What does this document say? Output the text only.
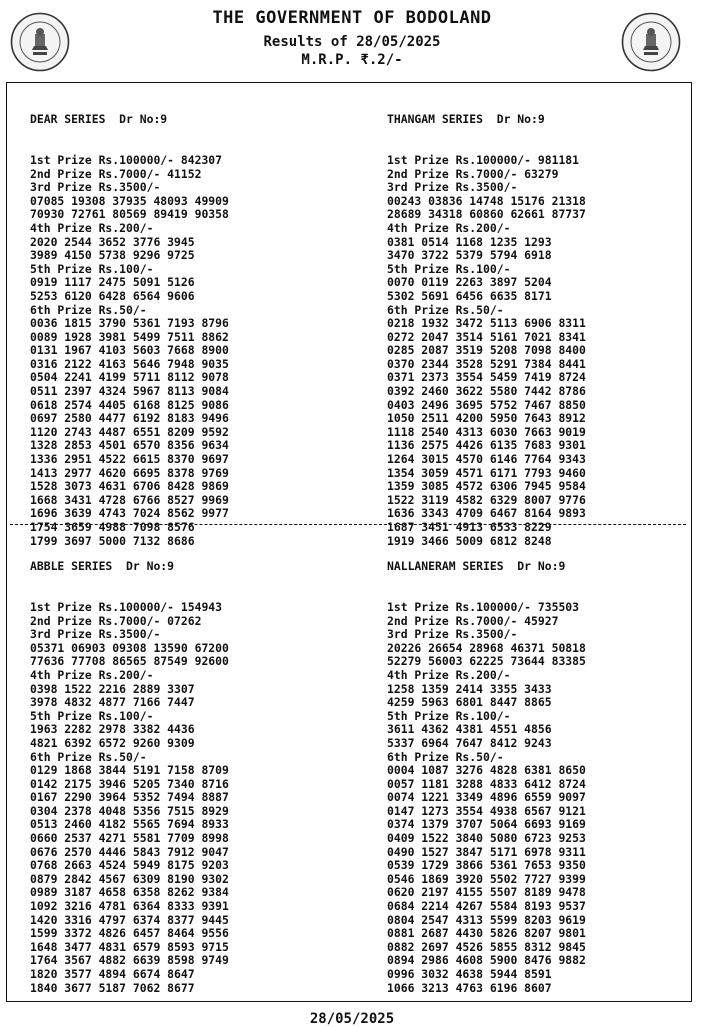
THE GOVERNMENT OF BODOLAND
Results of 28/05/2025
M.R.P. ₹.2/-

DEAR SERIES  Dr No:9

1st Prize Rs.100000/- 842307
2nd Prize Rs.7000/- 41152
3rd Prize Rs.3500/-
07085 19308 37935 48093 49909
70930 72761 80569 89419 90358
4th Prize Rs.200/-
2020 2544 3652 3776 3945
3989 4150 5738 9296 9725
5th Prize Rs.100/-
0919 1117 2475 5091 5126
5253 6120 6428 6564 9606
6th Prize Rs.50/-
0036 1815 3790 5361 7193 8796
0089 1928 3981 5499 7511 8862
0131 1967 4103 5603 7668 8900
0316 2122 4163 5646 7948 9035
0504 2241 4199 5711 8112 9078
0511 2397 4324 5967 8113 9084
0618 2574 4405 6168 8125 9086
0697 2580 4477 6192 8183 9496
1120 2743 4487 6551 8209 9592
1328 2853 4501 6570 8356 9634
1336 2951 4522 6615 8370 9697
1413 2977 4620 6695 8378 9769
1528 3073 4631 6706 8428 9869
1668 3431 4728 6766 8527 9969
1696 3639 4743 7024 8562 9977
1754 3659 4988 7098 8576
1799 3697 5000 7132 8686

THANGAM SERIES  Dr No:9

1st Prize Rs.100000/- 981181
2nd Prize Rs.7000/- 63279
3rd Prize Rs.3500/-
00243 03836 14748 15176 21318
28689 34318 60860 62661 87737
4th Prize Rs.200/-
0381 0514 1168 1235 1293
3470 3722 5379 5794 6918
5th Prize Rs.100/-
0070 0119 2263 3897 5204
5302 5691 6456 6635 8171
6th Prize Rs.50/-
0218 1932 3472 5113 6906 8311
0272 2047 3514 5161 7021 8341
0285 2087 3519 5208 7098 8400
0370 2344 3528 5291 7384 8441
0371 2373 3554 5459 7419 8724
0392 2460 3622 5580 7442 8786
0403 2496 3695 5752 7467 8850
1050 2511 4200 5950 7643 8912
1118 2540 4313 6030 7663 9019
1136 2575 4426 6135 7683 9301
1264 3015 4570 6146 7764 9343
1354 3059 4571 6171 7793 9460
1359 3085 4572 6306 7945 9584
1522 3119 4582 6329 8007 9776
1636 3343 4709 6467 8164 9893
1687 3451 4913 6533 8229
1919 3466 5009 6812 8248

ABBLE SERIES  Dr No:9

1st Prize Rs.100000/- 154943
2nd Prize Rs.7000/- 07262
3rd Prize Rs.3500/-
05371 06903 09308 13590 67200
77636 77708 86565 87549 92600
4th Prize Rs.200/-
0398 1522 2216 2889 3307
3978 4832 4877 7166 7447
5th Prize Rs.100/-
1963 2282 2978 3382 4436
4821 6392 6572 9260 9309
6th Prize Rs.50/-
0129 1868 3844 5191 7158 8709
0142 2175 3946 5205 7340 8716
0167 2290 3964 5352 7494 8887
0304 2378 4048 5356 7515 8929
0513 2460 4182 5565 7694 8933
0660 2537 4271 5581 7709 8998
0676 2570 4446 5843 7912 9047
0768 2663 4524 5949 8175 9203
0879 2842 4567 6309 8190 9302
0989 3187 4658 6358 8262 9384
1092 3216 4781 6364 8333 9391
1420 3316 4797 6374 8377 9445
1599 3372 4826 6457 8464 9556
1648 3477 4831 6579 8593 9715
1764 3567 4882 6639 8598 9749
1820 3577 4894 6674 8647
1840 3677 5187 7062 8677

NALLANERAM SERIES  Dr No:9

1st Prize Rs.100000/- 735503
2nd Prize Rs.7000/- 45927
3rd Prize Rs.3500/-
20226 26654 28968 46371 50818
52279 56003 62225 73644 83385
4th Prize Rs.200/-
1258 1359 2414 3355 3433
4259 5963 6801 8447 8865
5th Prize Rs.100/-
3611 4362 4381 4551 4856
5337 6964 7647 8412 9243
6th Prize Rs.50/-
0004 1087 3276 4828 6381 8650
0057 1181 3288 4833 6412 8724
0074 1221 3349 4896 6559 9097
0147 1273 3554 4938 6567 9121
0374 1379 3707 5064 6693 9169
0409 1522 3840 5080 6723 9253
0490 1527 3847 5171 6978 9311
0539 1729 3866 5361 7653 9350
0546 1869 3920 5502 7727 9399
0620 2197 4155 5507 8189 9478
0684 2214 4267 5584 8193 9537
0804 2547 4313 5599 8203 9619
0881 2687 4430 5826 8207 9801
0882 2697 4526 5855 8312 9845
0894 2986 4608 5900 8476 9882
0996 3032 4638 5944 8591
1066 3213 4763 6196 8607

28/05/2025
